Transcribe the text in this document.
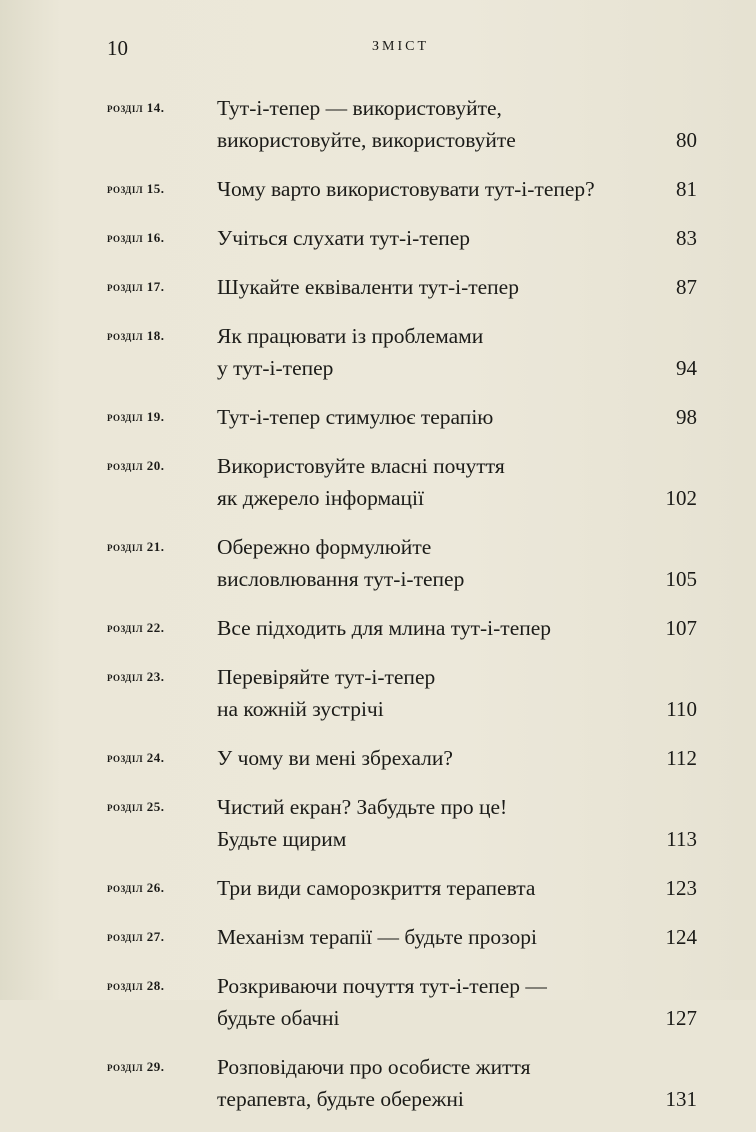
10	ЗМІСТ
розділ 14.	Тут-і-тепер — використовуйте,
використовуйте, використовуйте	80
розділ 15.	Чому варто використовувати тут-і-тепер?	81
розділ 16.	Учіться слухати тут-і-тепер	83
розділ 17.	Шукайте еквіваленти тут-і-тепер	87
розділ 18.	Як працювати із проблемами
у тут-і-тепер	94
розділ 19.	Тут-і-тепер стимулює терапію	98
розділ 20.	Використовуйте власні почуття
як джерело інформації	102
розділ 21.	Обережно формулюйте
висловлювання тут-і-тепер	105
розділ 22.	Все підходить для млина тут-і-тепер	107
розділ 23.	Перевіряйте тут-і-тепер
на кожній зустрічі	110
розділ 24.	У чому ви мені збрехали?	112
розділ 25.	Чистий екран? Забудьте про це!
Будьте щирим	113
розділ 26.	Три види саморозкриття терапевта	123
розділ 27.	Механізм терапії — будьте прозорі	124
розділ 28.	Розкриваючи почуття тут-і-тепер —
будьте обачні	127
розділ 29.	Розповідаючи про особисте життя
терапевта, будьте обережні	131
